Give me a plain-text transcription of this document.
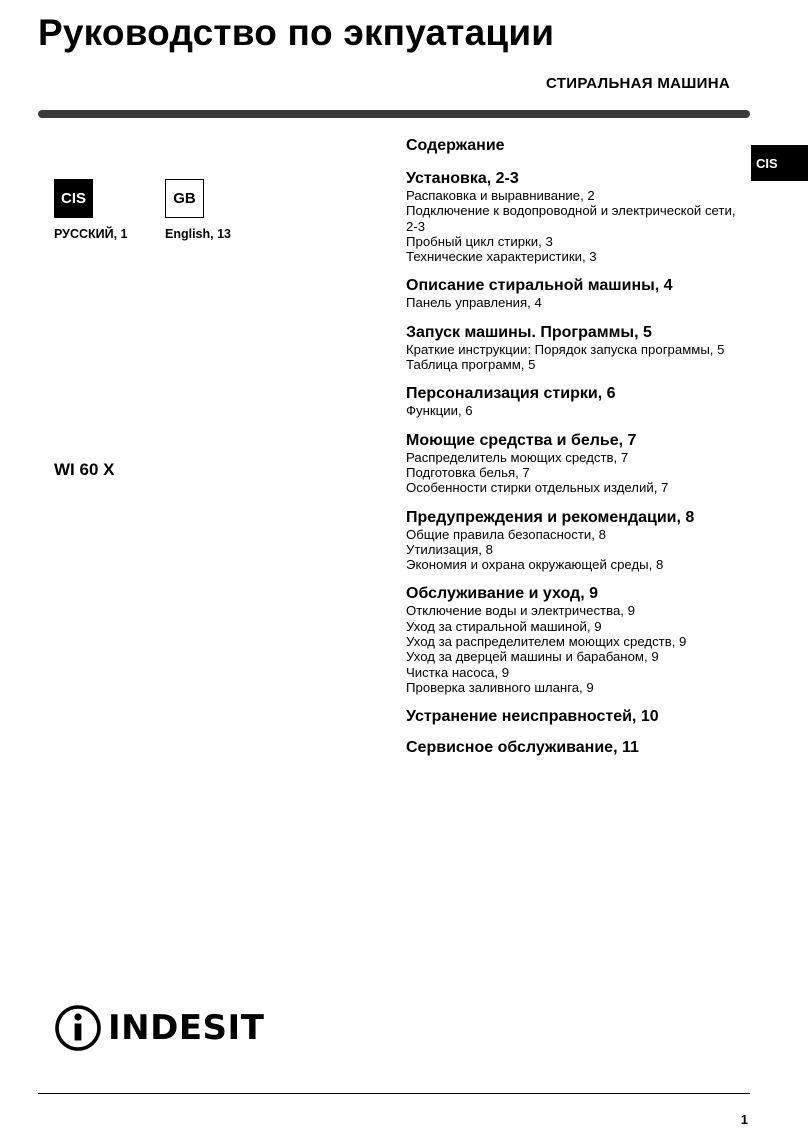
Руководство по экпуатации
СТИРАЛЬНАЯ МАШИНА
CIS
CIS
РУССКИЙ, 1
GB
English, 13
WI 60 X
Содержание
Установка, 2-3
Распаковка и выравнивание, 2
Подключение к водопроводной и электрической сети, 2-3
Пробный цикл стирки, 3
Технические характеристики, 3
Описание стиральной машины, 4
Панель управления, 4
Запуск машины. Программы, 5
Краткие инструкции: Порядок запуска программы, 5
Таблица программ, 5
Персонализация стирки, 6
Функции, 6
Моющие средства и белье, 7
Распределитель моющих средств, 7
Подготовка белья, 7
Особенности стирки отдельных изделий, 7
Предупреждения и рекомендации, 8
Общие правила безопасности, 8
Утилизация, 8
Экономия и охрана окружающей среды, 8
Обслуживание и уход, 9
Отключение воды и электричества, 9
Уход за стиральной машиной, 9
Уход за распределителем моющих средств, 9
Уход за дверцей машины и барабаном, 9
Чистка насоса, 9
Проверка заливного шланга, 9
Устранение неисправностей, 10
Сервисное обслуживание, 11
INDESIT
1
